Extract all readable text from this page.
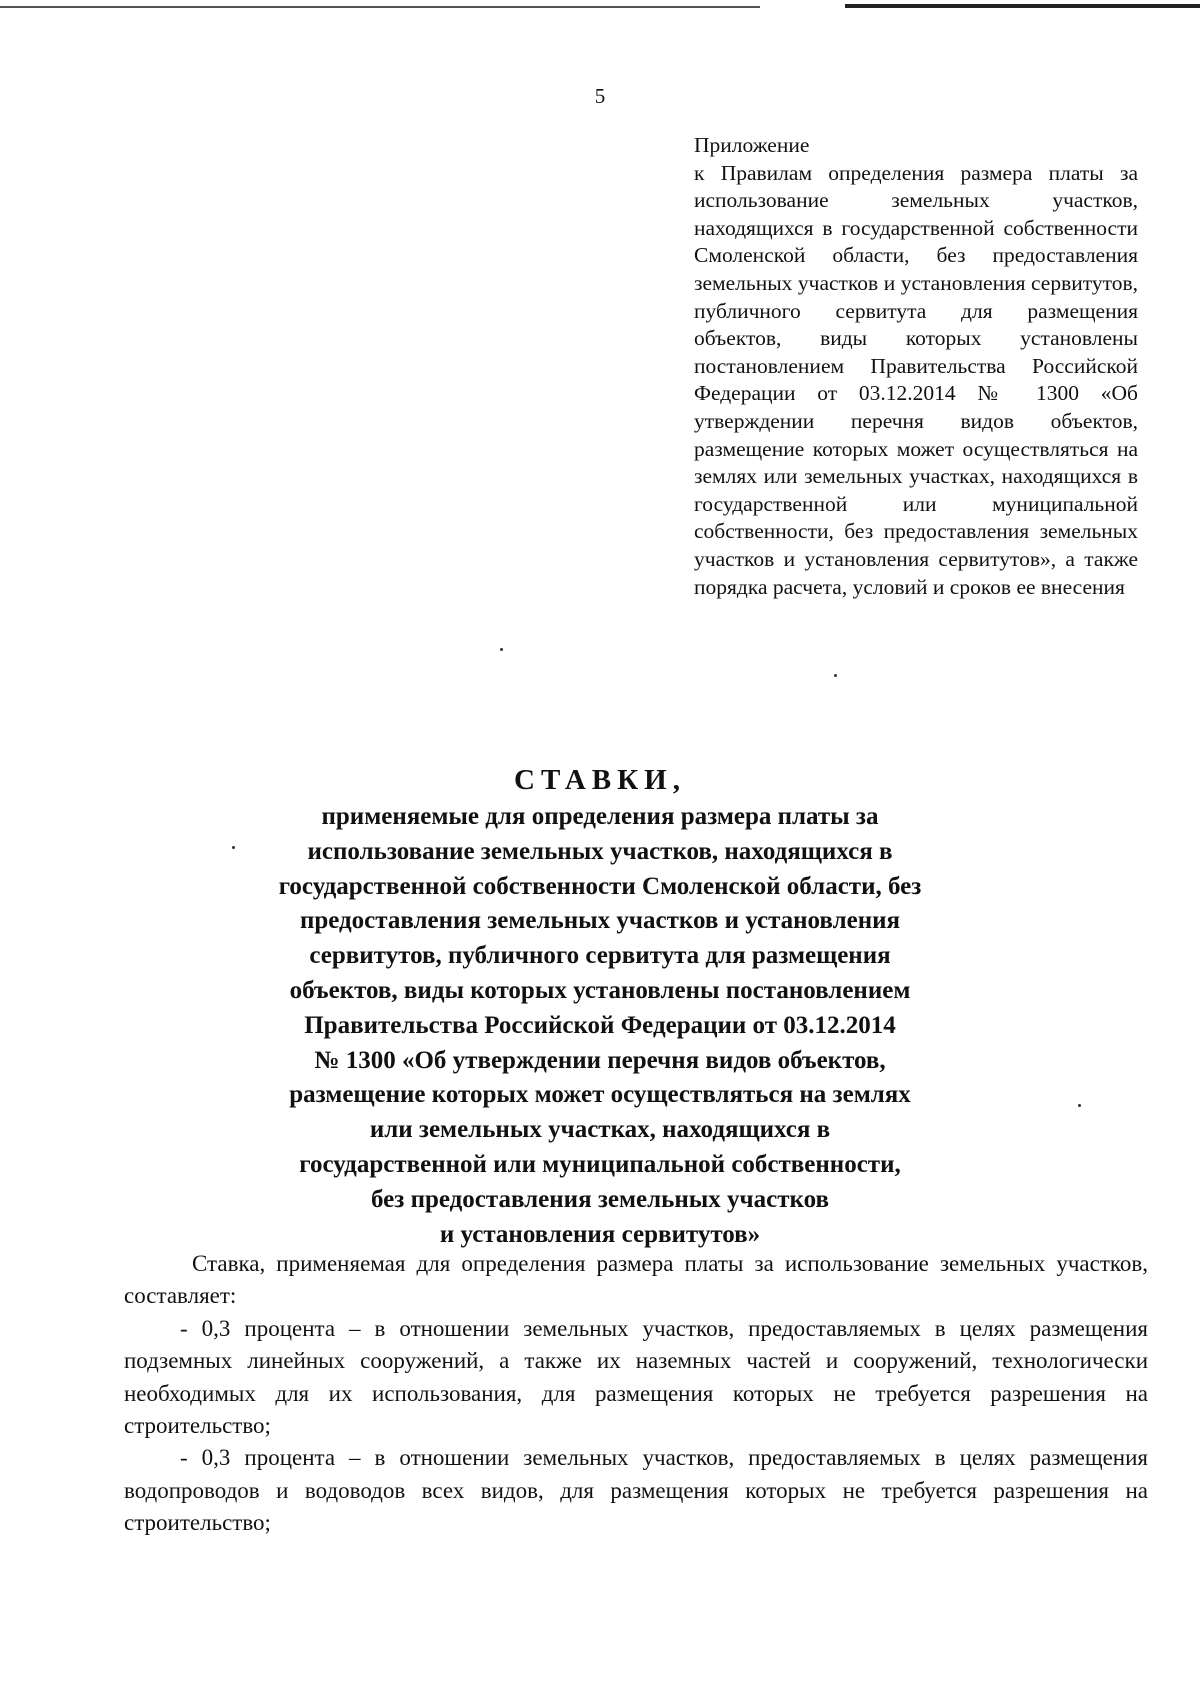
5
Приложение
к Правилам определения размера платы за использование земельных участков, находящихся в государственной собственности Смоленской области, без предоставления земельных участков и установления сервитутов, публичного сервитута для размещения объектов, виды которых установлены постановлением Правительства Российской Федерации от 03.12.2014 № 1300 «Об утверждении перечня видов объектов, размещение которых может осуществляться на землях или земельных участках, находящихся в государственной или муниципальной собственности, без предоставления земельных участков и установления сервитутов», а также порядка расчета, условий и сроков ее внесения
СТАВКИ,
применяемые для определения размера платы за
использование земельных участков, находящихся в
государственной собственности Смоленской области, без
предоставления земельных участков и установления
сервитутов, публичного сервитута для размещения
объектов, виды которых установлены постановлением
Правительства Российской Федерации от 03.12.2014
№ 1300 «Об утверждении перечня видов объектов,
размещение которых может осуществляться на землях
или земельных участках, находящихся в
государственной или муниципальной собственности,
без предоставления земельных участков
и установления сервитутов»

Ставка, применяемая для определения размера платы за использование земельных участков, составляет:

- 0,3 процента – в отношении земельных участков, предоставляемых в целях размещения подземных линейных сооружений, а также их наземных частей и сооружений, технологически необходимых для их использования, для размещения которых не требуется разрешения на строительство;

- 0,3 процента – в отношении земельных участков, предоставляемых в целях размещения водопроводов и водоводов всех видов, для размещения которых не требуется разрешения на строительство;
